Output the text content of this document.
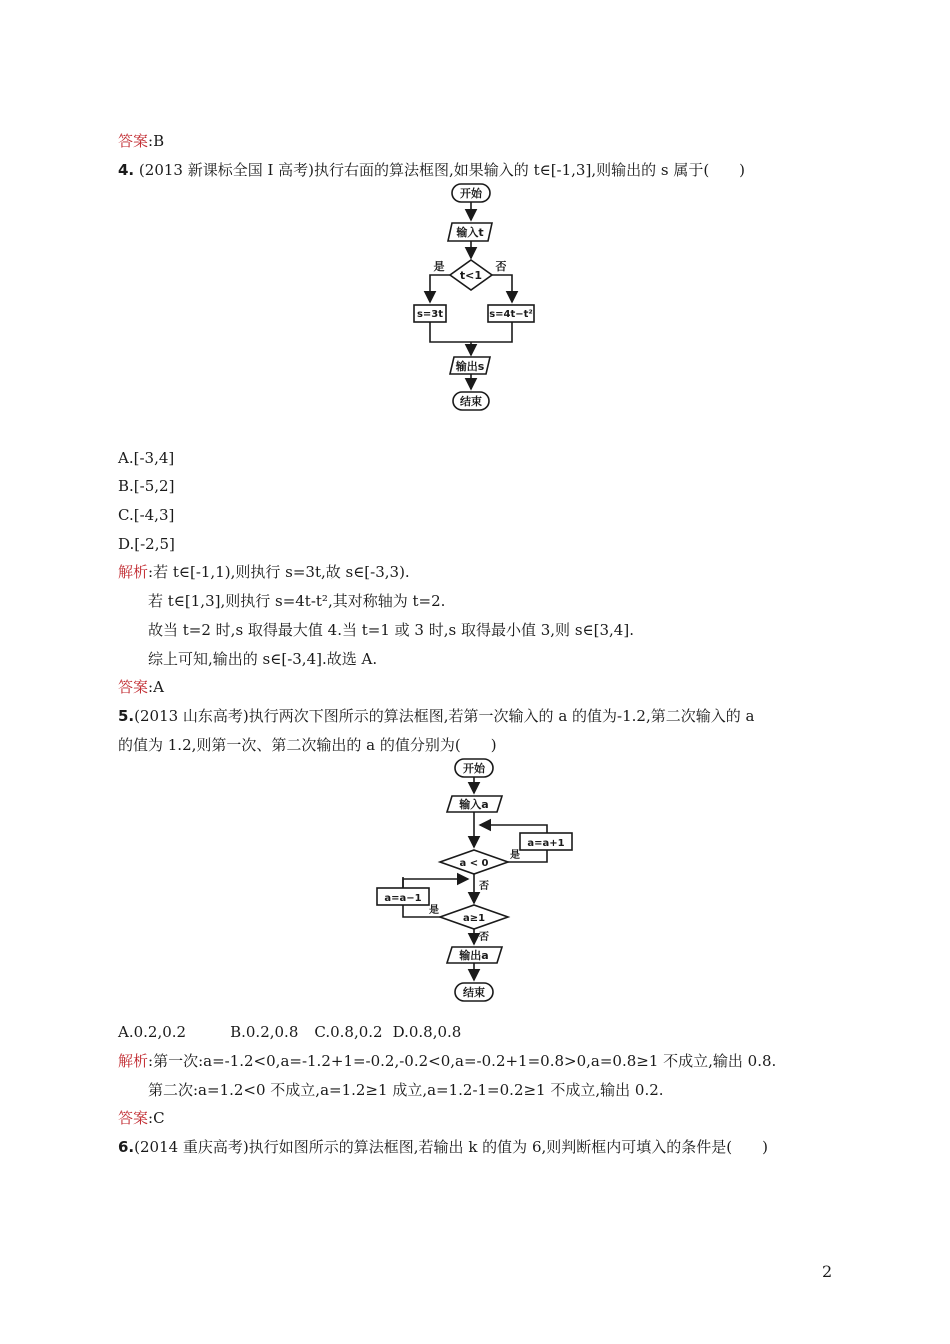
答案:B
4. (2013 新课标全国 Ⅰ 高考)执行右面的算法框图,如果输入的 t∈[-1,3],则输出的 s 属于(　　)
开始
输入t
t<1
是	否
s=3t	s=4t−t²
输出s
结束
A.[-3,4]
B.[-5,2]
C.[-4,3]
D.[-2,5]
解析:若 t∈[-1,1),则执行 s=3t,故 s∈[-3,3).
若 t∈[1,3],则执行 s=4t-t²,其对称轴为 t=2.
故当 t=2 时,s 取得最大值 4.当 t=1 或 3 时,s 取得最小值 3,则 s∈[3,4].
综上可知,输出的 s∈[-3,4].故选 A.
答案:A
5.(2013 山东高考)执行两次下图所示的算法框图,若第一次输入的 a 的值为-1.2,第二次输入的 a
的值为 1.2,则第一次、第二次输出的 a 的值分别为(　　)
开始
输入a
a=a+1
a < 0
是
否
a=a−1
a≥1
是
否
输出a
结束
A.0.2,0.2	B.0.2,0.8 C.0.8,0.2 D.0.8,0.8
解析:第一次:a=-1.2<0,a=-1.2+1=-0.2,-0.2<0,a=-0.2+1=0.8>0,a=0.8≥1 不成立,输出 0.8.
第二次:a=1.2<0 不成立,a=1.2≥1 成立,a=1.2-1=0.2≥1 不成立,输出 0.2.
答案:C
6.(2014 重庆高考)执行如图所示的算法框图,若输出 k 的值为 6,则判断框内可填入的条件是(　　)
2
